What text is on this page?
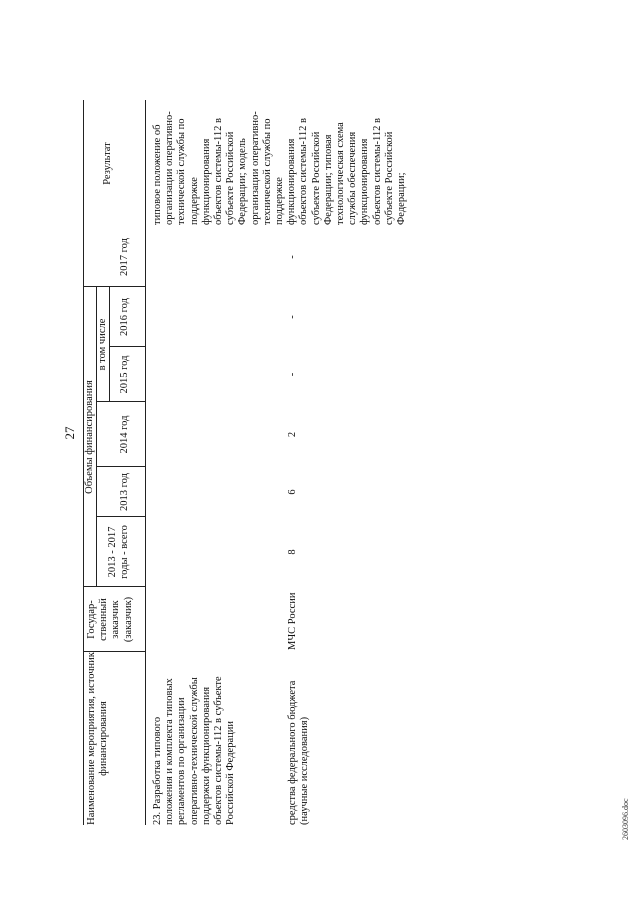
27
Наименование мероприятия, источник финансирования
Государ-ственный заказчик (заказчик)
Объемы финансирования
2013 - 2017 годы - всего
в том числе
2013 год
2014 год
2015 год
2016 год
2017 год
Результат
23. Разработка типового положения и комплекта типовых регламентов по организации оперативно-технической службы поддержки функционирования объектов системы-112 в субъекте Российской Федерации	средства федерального бюджета (научные исследования)
МЧС России
8
6
2
-
-
-
типовое положение об организации оперативно-технической службы по поддержке функционирования объектов системы-112 в субъекте Российской Федерации; модель организации оперативно-технической службы по поддержке функционирования объектов системы-112 в субъекте Российской Федерации; типовая технологическая схема службы обеспечения функционирования объектов системы-112 в субъекте Российской Федерации;
2603096.doc
